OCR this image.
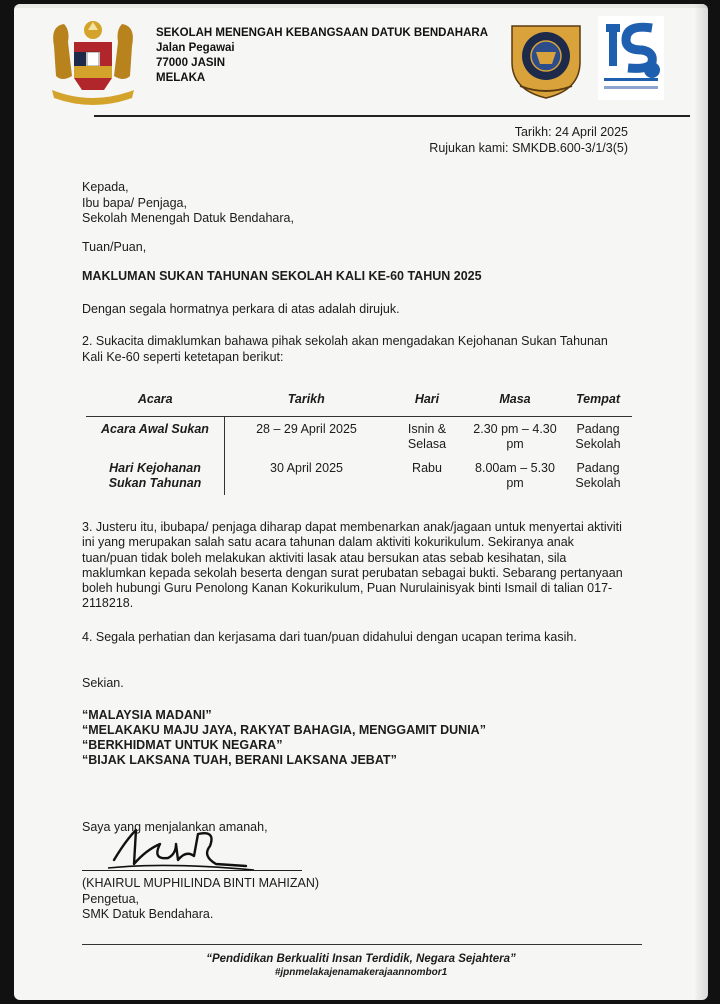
SEKOLAH MENENGAH KEBANGSAAN DATUK BENDAHARA
Jalan Pegawai
77000 JASIN
MELAKA
Tarikh: 24 April 2025
Rujukan kami: SMKDB.600-3/1/3(5)
Kepada,
Ibu bapa/ Penjaga,
Sekolah Menengah Datuk Bendahara,
Tuan/Puan,
MAKLUMAN SUKAN TAHUNAN SEKOLAH KALI KE-60 TAHUN 2025
Dengan segala hormatnya perkara di atas adalah dirujuk.
2. Sukacita dimaklumkan bahawa pihak sekolah akan mengadakan Kejohanan Sukan Tahunan Kali Ke-60 seperti ketetapan berikut:
Acara	Tarikh	Hari	Masa	Tempat
Acara Awal Sukan	28 – 29 April 2025	Isnin & Selasa	2.30 pm – 4.30 pm	Padang Sekolah
Hari Kejohanan Sukan Tahunan	30 April 2025	Rabu	8.00am – 5.30 pm	Padang Sekolah
3. Justeru itu, ibubapa/ penjaga diharap dapat membenarkan anak/jagaan untuk menyertai aktiviti ini yang merupakan salah satu acara tahunan dalam aktiviti kokurikulum. Sekiranya anak tuan/puan tidak boleh melakukan aktiviti lasak atau bersukan atas sebab kesihatan, sila maklumkan kepada sekolah beserta dengan surat perubatan sebagai bukti. Sebarang pertanyaan boleh hubungi Guru Penolong Kanan Kokurikulum, Puan Nurulainisyak binti Ismail di talian 017-2118218.
4. Segala perhatian dan kerjasama dari tuan/puan didahului dengan ucapan terima kasih.
Sekian.
“MALAYSIA MADANI”
“MELAKAKU MAJU JAYA, RAKYAT BAHAGIA, MENGGAMIT DUNIA”
“BERKHIDMAT UNTUK NEGARA”
“BIJAK LAKSANA TUAH, BERANI LAKSANA JEBAT”
Saya yang menjalankan amanah,
(KHAIRUL MUPHILINDA BINTI MAHIZAN)
Pengetua,
SMK Datuk Bendahara.
“Pendidikan Berkualiti Insan Terdidik, Negara Sejahtera”
#jpnmelakajenamakerajaannombor1
